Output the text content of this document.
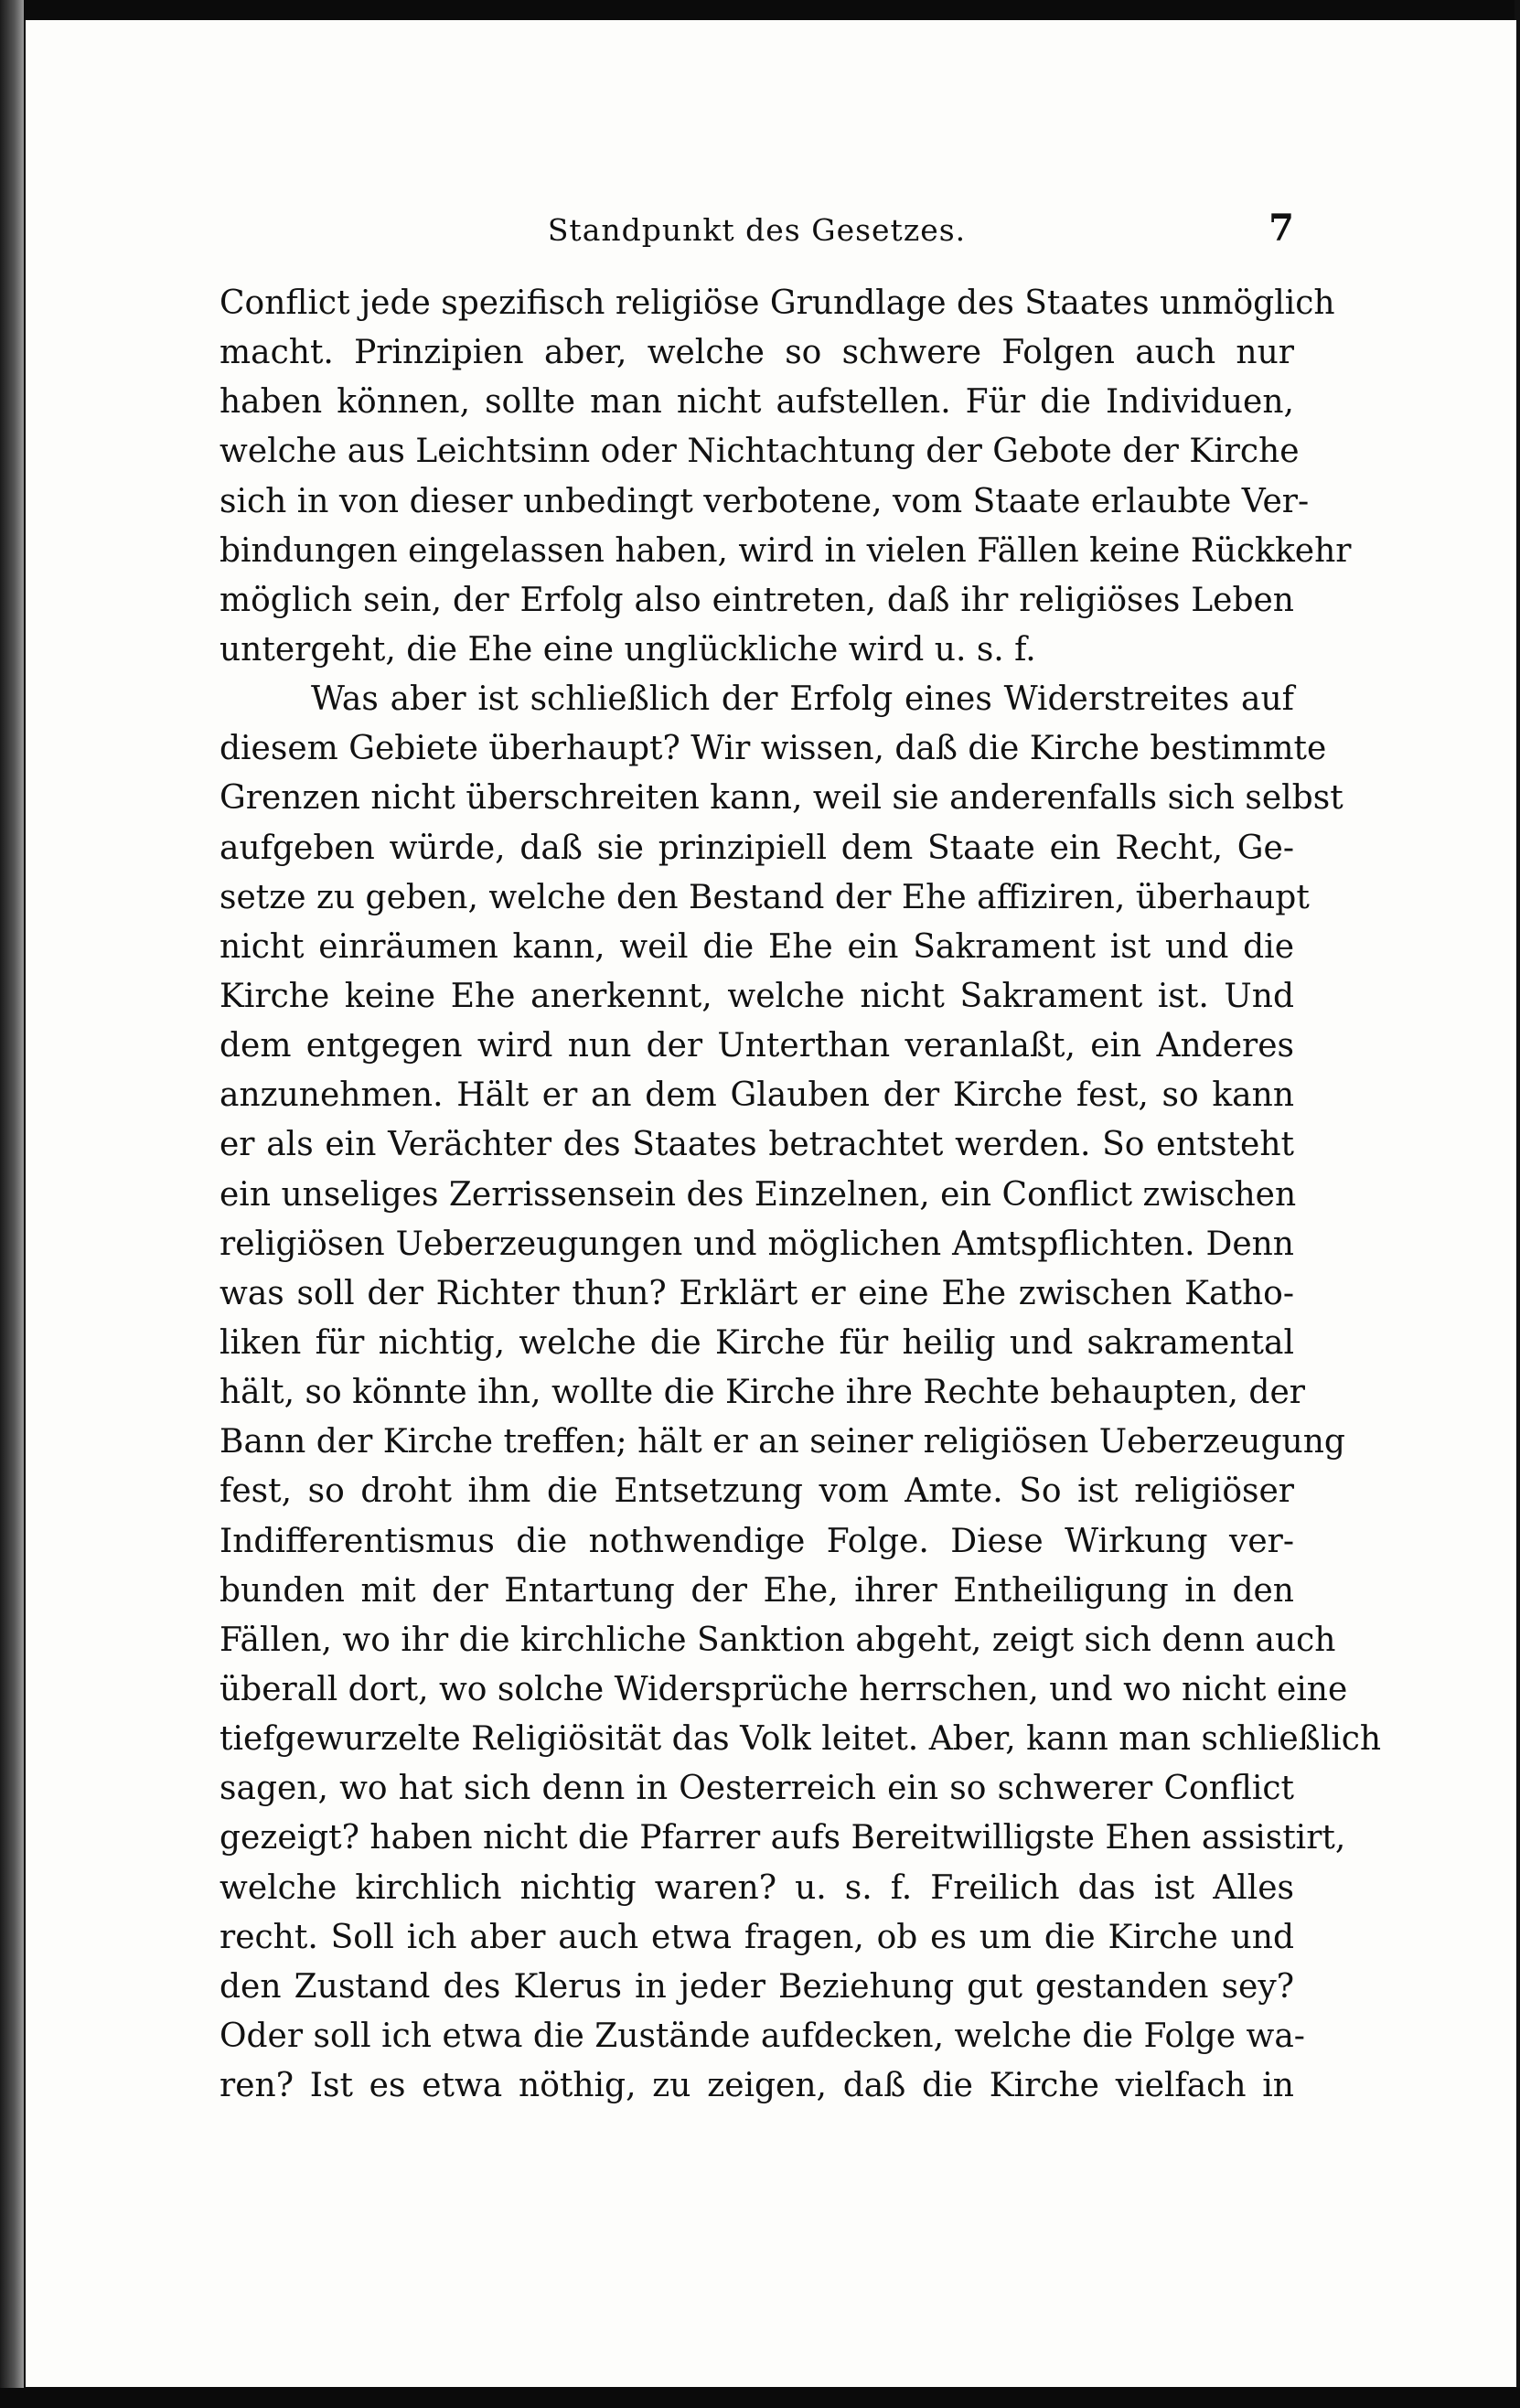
Standpunkt des Gesetzes.	7
Conflict jede spezifisch religiöse Grundlage des Staates unmöglich
macht. Prinzipien aber, welche so schwere Folgen auch nur
haben können, sollte man nicht aufstellen. Für die Individuen,
welche aus Leichtsinn oder Nichtachtung der Gebote der Kirche
sich in von dieser unbedingt verbotene, vom Staate erlaubte Ver-
bindungen eingelassen haben, wird in vielen Fällen keine Rückkehr
möglich sein, der Erfolg also eintreten, daß ihr religiöses Leben
untergeht, die Ehe eine unglückliche wird u. s. f.
Was aber ist schließlich der Erfolg eines Widerstreites auf
diesem Gebiete überhaupt? Wir wissen, daß die Kirche bestimmte
Grenzen nicht überschreiten kann, weil sie anderenfalls sich selbst
aufgeben würde, daß sie prinzipiell dem Staate ein Recht, Ge-
setze zu geben, welche den Bestand der Ehe affiziren, überhaupt
nicht einräumen kann, weil die Ehe ein Sakrament ist und die
Kirche keine Ehe anerkennt, welche nicht Sakrament ist. Und
dem entgegen wird nun der Unterthan veranlaßt, ein Anderes
anzunehmen. Hält er an dem Glauben der Kirche fest, so kann
er als ein Verächter des Staates betrachtet werden. So entsteht
ein unseliges Zerrissensein des Einzelnen, ein Conflict zwischen
religiösen Ueberzeugungen und möglichen Amtspflichten. Denn
was soll der Richter thun? Erklärt er eine Ehe zwischen Katho-
liken für nichtig, welche die Kirche für heilig und sakramental
hält, so könnte ihn, wollte die Kirche ihre Rechte behaupten, der
Bann der Kirche treffen; hält er an seiner religiösen Ueberzeugung
fest, so droht ihm die Entsetzung vom Amte. So ist religiöser
Indifferentismus die nothwendige Folge. Diese Wirkung ver-
bunden mit der Entartung der Ehe, ihrer Entheiligung in den
Fällen, wo ihr die kirchliche Sanktion abgeht, zeigt sich denn auch
überall dort, wo solche Widersprüche herrschen, und wo nicht eine
tiefgewurzelte Religiösität das Volk leitet. Aber, kann man schließlich
sagen, wo hat sich denn in Oesterreich ein so schwerer Conflict
gezeigt? haben nicht die Pfarrer aufs Bereitwilligste Ehen assistirt,
welche kirchlich nichtig waren? u. s. f. Freilich das ist Alles
recht. Soll ich aber auch etwa fragen, ob es um die Kirche und
den Zustand des Klerus in jeder Beziehung gut gestanden sey?
Oder soll ich etwa die Zustände aufdecken, welche die Folge wa-
ren? Ist es etwa nöthig, zu zeigen, daß die Kirche vielfach in
